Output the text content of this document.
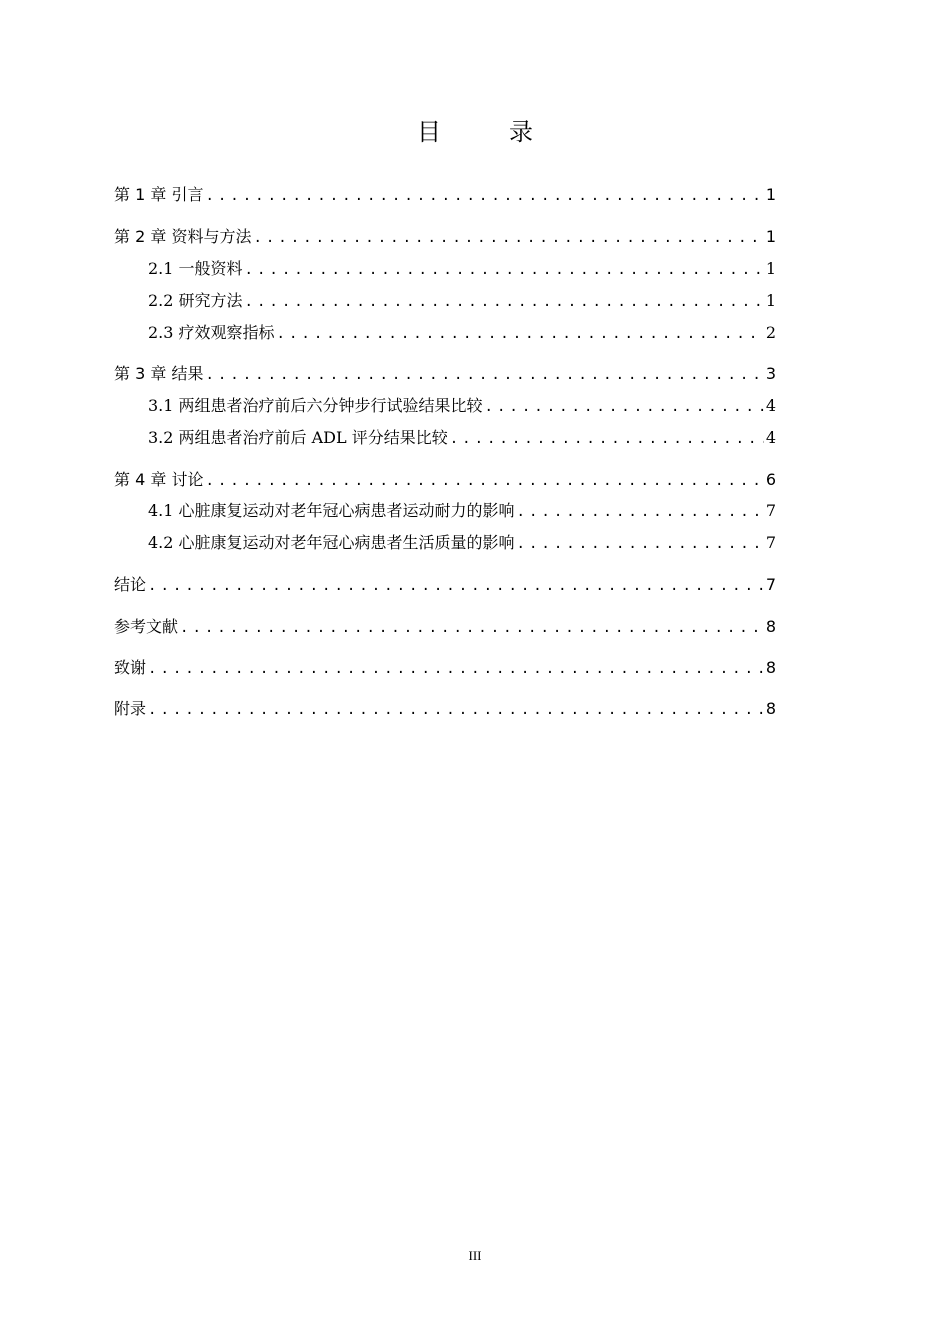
目　录
第 1 章 引言 .....	1
第 2 章 资料与方法 .....	1
2.1 一般资料 .....	1
2.2 研究方法 .....	1
2.3 疗效观察指标 .....	2
第 3 章 结果 .....	3
3.1 两组患者治疗前后六分钟步行试验结果比较 .....	4
3.2 两组患者治疗前后 ADL 评分结果比较 .....	4
第 4 章 讨论 .....	6
4.1 心脏康复运动对老年冠心病患者运动耐力的影响 .....	7
4.2 心脏康复运动对老年冠心病患者生活质量的影响 .....	7
结论 .....	7
参考文献 .....	8
致谢 .....	8
附录 .....	8
III
